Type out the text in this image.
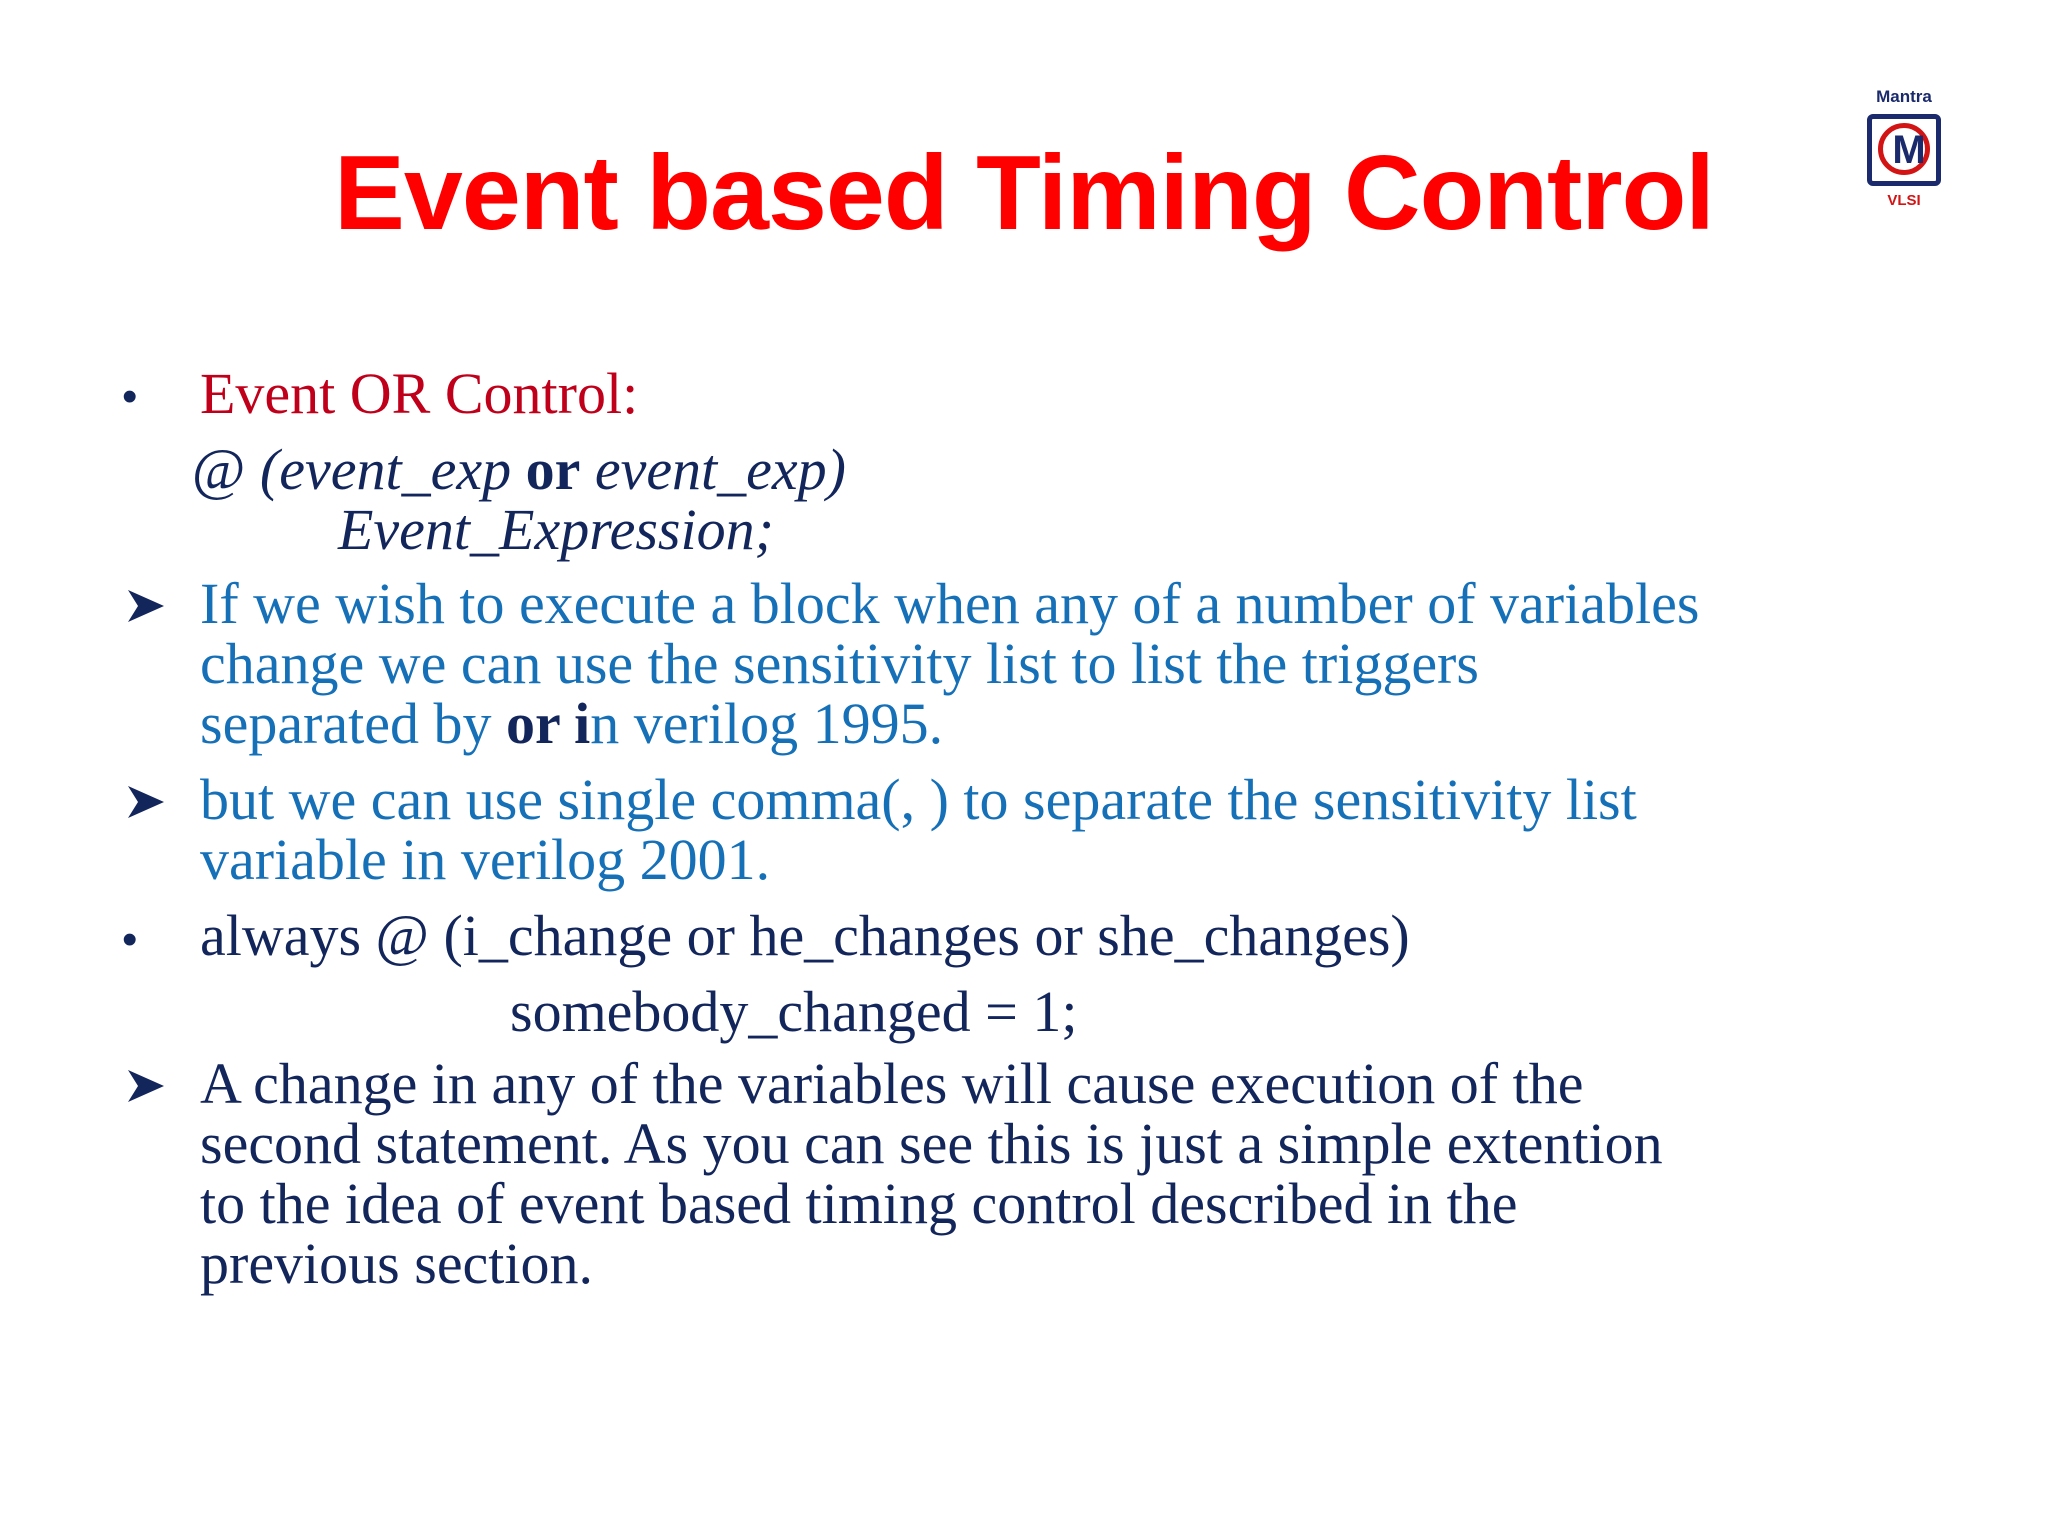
Event based Timing Control
Mantra
M
VLSI
• Event OR Control:
@ (event_exp or event_exp)
Event_Expression;
If we wish to execute a block when any of a number of variables
change we can use the sensitivity list to list the triggers
separated by or in verilog 1995.
but we can use single comma(, ) to separate the sensitivity list
variable in verilog 2001.
• always @ (i_change or he_changes or she_changes)
somebody_changed = 1;
A change in any of the variables will cause execution of the
second statement. As you can see this is just a simple extention
to the idea of event based timing control described in the
previous section.
